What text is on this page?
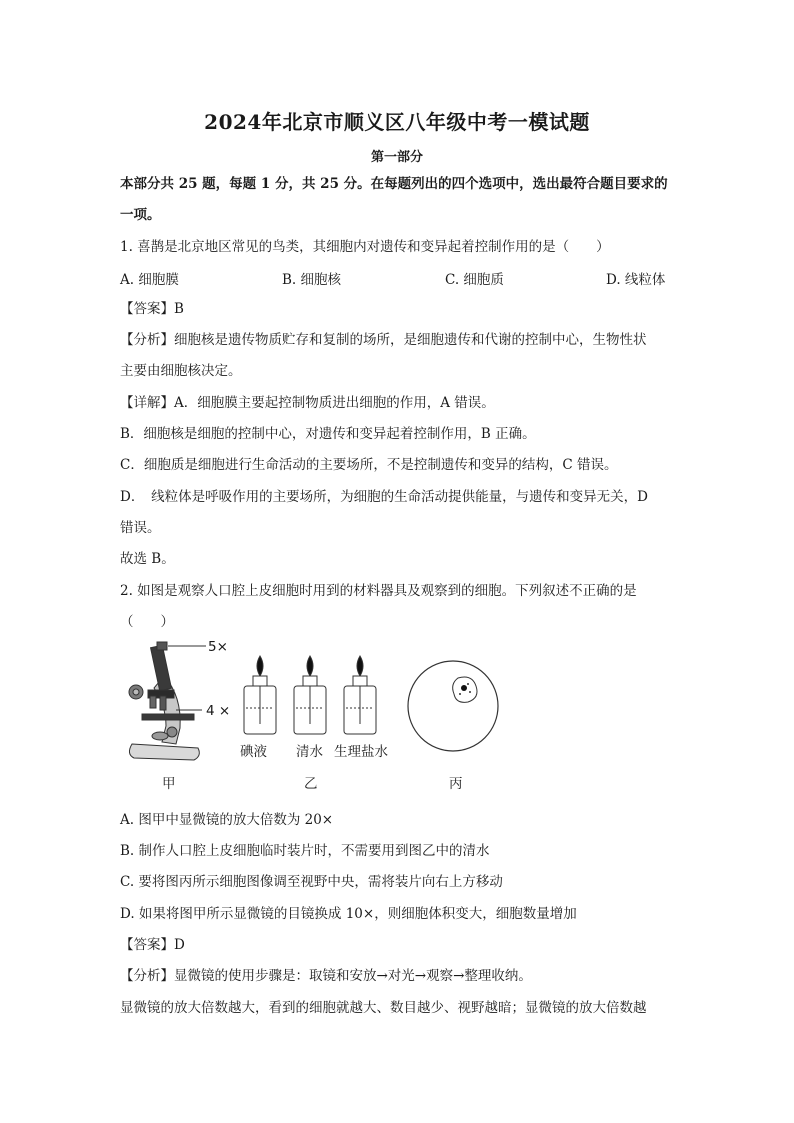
2024年北京市顺义区八年级中考一模试题
第一部分
本部分共 25 题，每题 1 分，共 25 分。在每题列出的四个选项中，选出最符合题目要求的
一项。
1. 喜鹊是北京地区常见的鸟类，其细胞内对遗传和变异起着控制作用的是（　　）
A. 细胞膜	B. 细胞核	C. 细胞质	D. 线粒体
【答案】B
【分析】细胞核是遗传物质贮存和复制的场所，是细胞遗传和代谢的控制中心，生物性状
主要由细胞核决定。
【详解】A．细胞膜主要起控制物质进出细胞的作用，A 错误。
B．细胞核是细胞的控制中心，对遗传和变异起着控制作用，B 正确。
C．细胞质是细胞进行生命活动的主要场所，不是控制遗传和变异的结构，C 错误。
D．　线粒体是呼吸作用的主要场所，为细胞的生命活动提供能量，与遗传和变异无关，D
错误。
故选 B。
2. 如图是观察人口腔上皮细胞时用到的材料器具及观察到的细胞。下列叙述不正确的是
（　　）
5×
4 ×
碘液 清水 生理盐水
甲	乙	丙
A. 图甲中显微镜的放大倍数为 20×
B. 制作人口腔上皮细胞临时装片时，不需要用到图乙中的清水
C. 要将图丙所示细胞图像调至视野中央，需将装片向右上方移动
D. 如果将图甲所示显微镜的目镜换成 10×，则细胞体积变大，细胞数量增加
【答案】D
【分析】显微镜的使用步骤是：取镜和安放→对光→观察→整理收纳。
显微镜的放大倍数越大，看到的细胞就越大、数目越少、视野越暗；显微镜的放大倍数越
